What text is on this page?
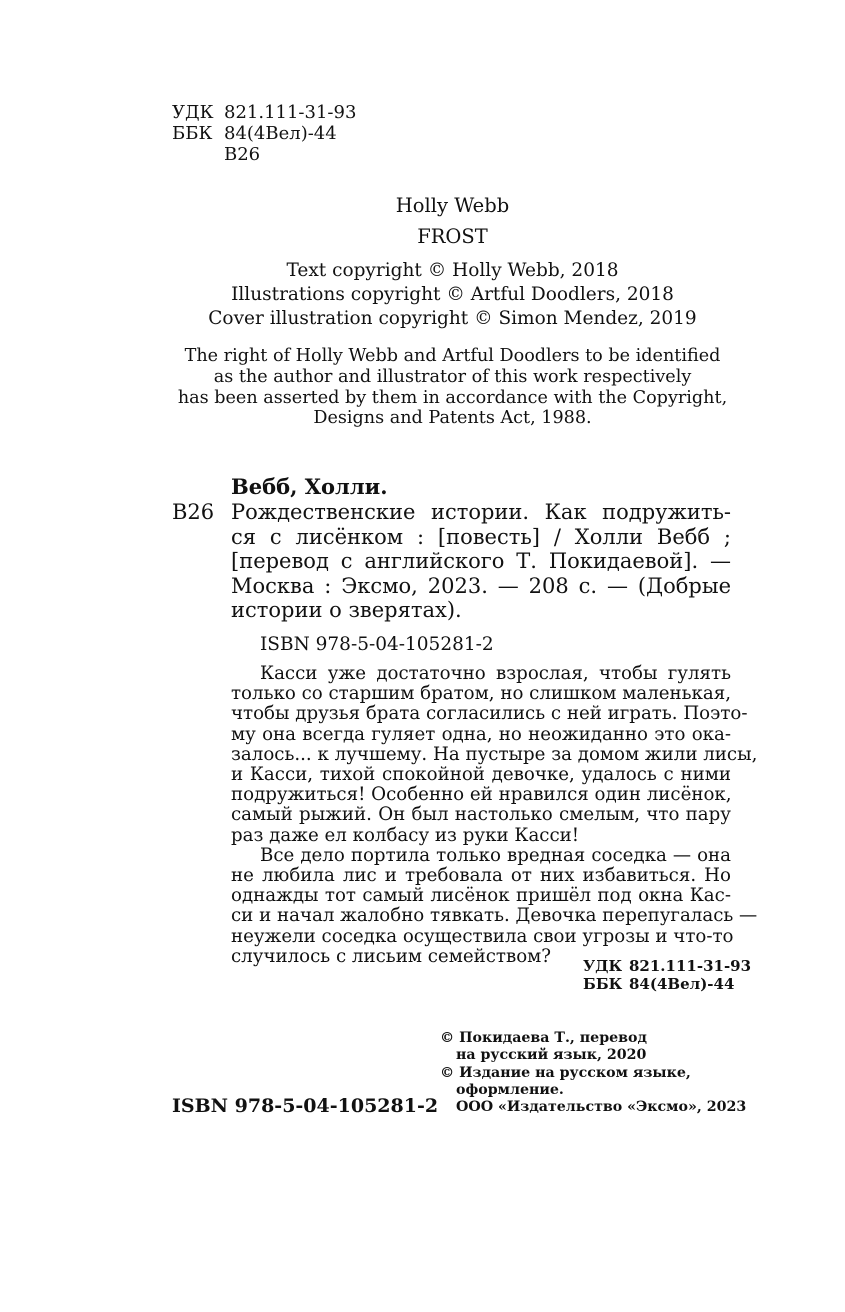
УДК 821.111-31-93
ББК 84(4Вел)-44
В26
Holly Webb
FROST
Text copyright © Holly Webb, 2018
Illustrations copyright © Artful Doodlers, 2018
Cover illustration copyright © Simon Mendez, 2019
The right of Holly Webb and Artful Doodlers to be identified
as the author and illustrator of this work respectively
has been asserted by them in accordance with the Copyright,
Designs and Patents Act, 1988.
Вебб, Холли.
В26 Рождественские истории. Как подружить-
ся с лисёнком : [повесть] / Холли Вебб ;
[перевод с английского Т. Покидаевой]. —
Москва : Эксмо, 2023. — 208 с. — (Добрые
истории о зверятах).
ISBN 978-5-04-105281-2
Касси уже достаточно взрослая, чтобы гулять
только со старшим братом, но слишком маленькая,
чтобы друзья брата согласились с ней играть. Поэто-
му она всегда гуляет одна, но неожиданно это ока-
залось... к лучшему. На пустыре за домом жили лисы,
и Касси, тихой спокойной девочке, удалось с ними
подружиться! Особенно ей нравился один лисёнок,
самый рыжий. Он был настолько смелым, что пару
раз даже ел колбасу из руки Касси!
Все дело портила только вредная соседка — она
не любила лис и требовала от них избавиться. Но
однажды тот самый лисёнок пришёл под окна Кас-
си и начал жалобно тявкать. Девочка перепугалась —
неужели соседка осуществила свои угрозы и что-то
случилось с лисьим семейством?	УДК 821.111-31-93
ББК 84(4Вел)-44
© Покидаева Т., перевод
на русский язык, 2020
© Издание на русском языке,
оформление.
ООО «Издательство «Эксмо», 2023
ISBN 978-5-04-105281-2
